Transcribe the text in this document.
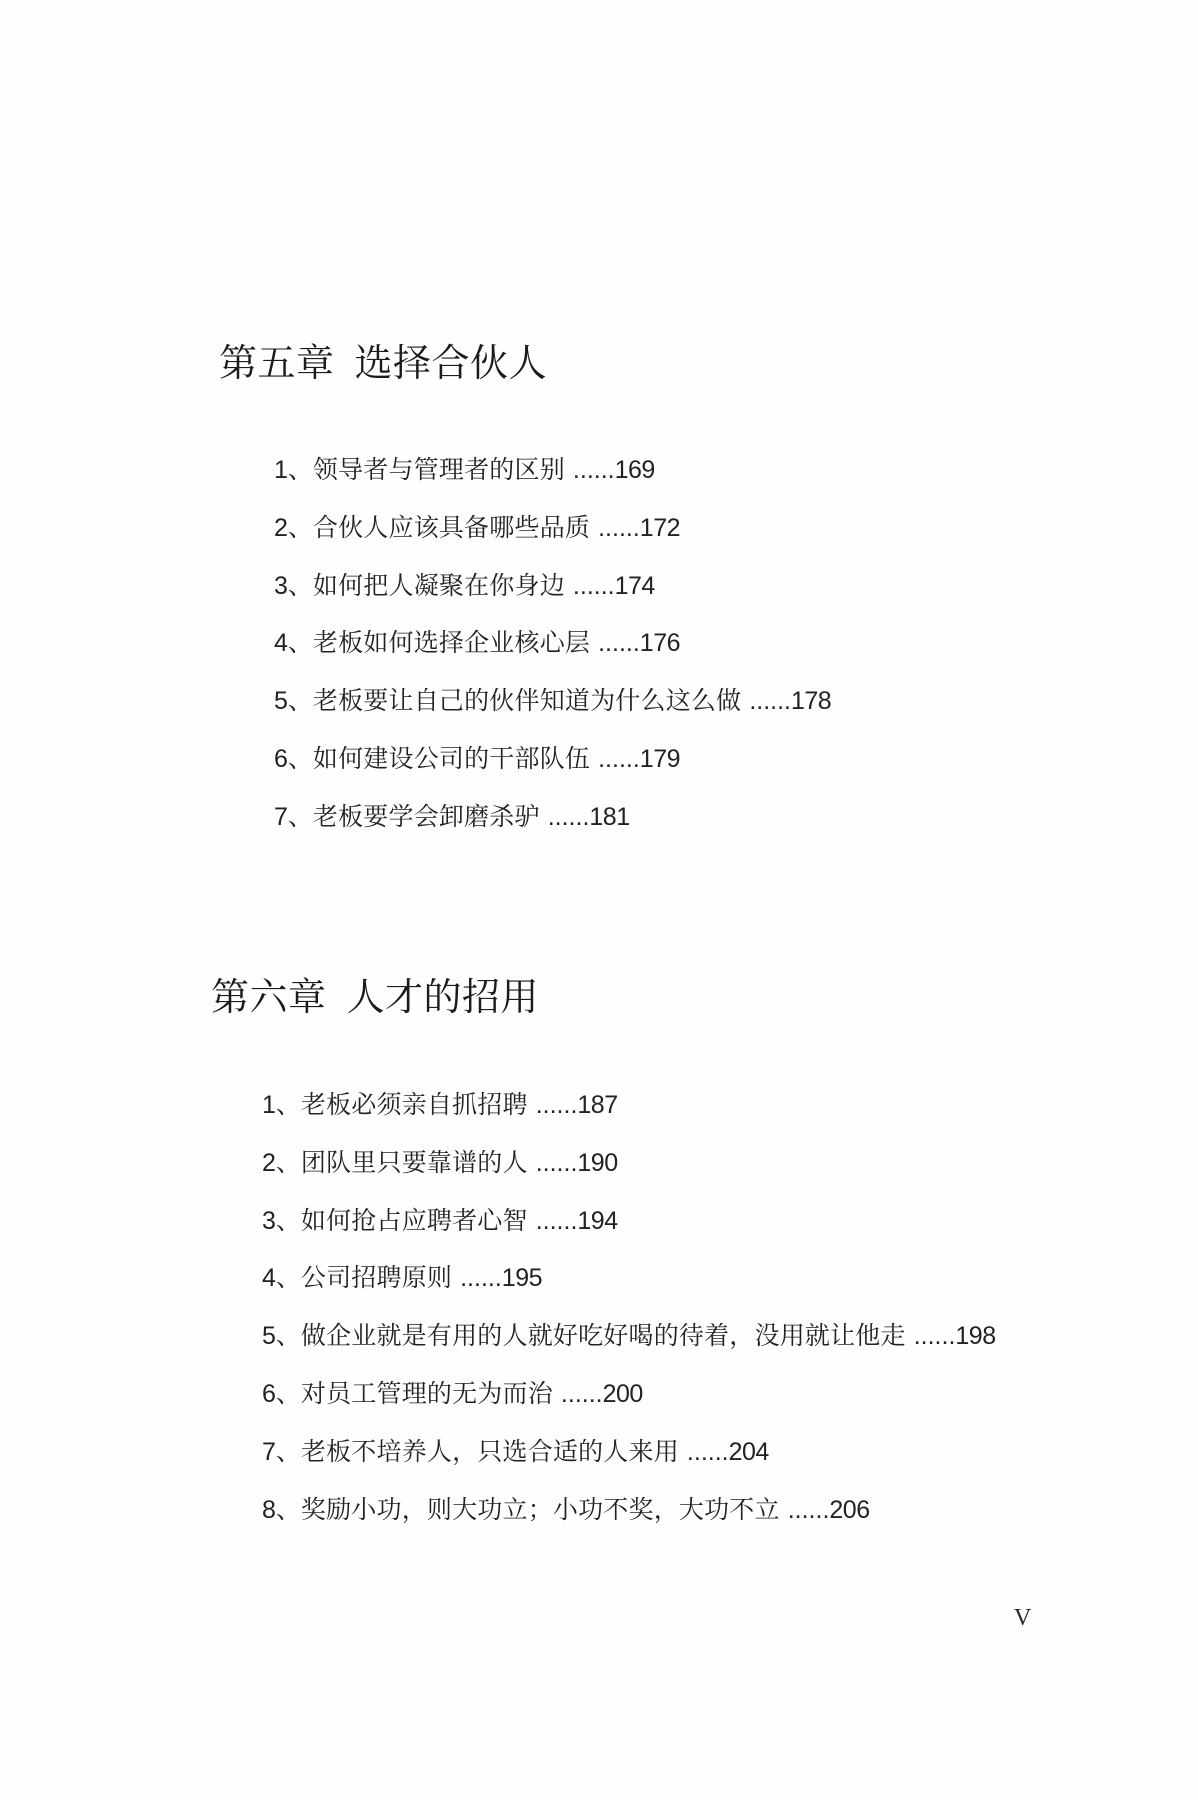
第五章 选择合伙人
1、领导者与管理者的区别 ......169
2、合伙人应该具备哪些品质 ......172
3、如何把人凝聚在你身边 ......174
4、老板如何选择企业核心层 ......176
5、老板要让自己的伙伴知道为什么这么做 ......178
6、如何建设公司的干部队伍 ......179
7、老板要学会卸磨杀驴 ......181
第六章 人才的招用
1、老板必须亲自抓招聘 ......187
2、团队里只要靠谱的人 ......190
3、如何抢占应聘者心智 ......194
4、公司招聘原则 ......195
5、做企业就是有用的人就好吃好喝的待着，没用就让他走 ......198
6、对员工管理的无为而治 ......200
7、老板不培养人，只选合适的人来用 ......204
8、奖励小功，则大功立；小功不奖，大功不立 ......206
V
